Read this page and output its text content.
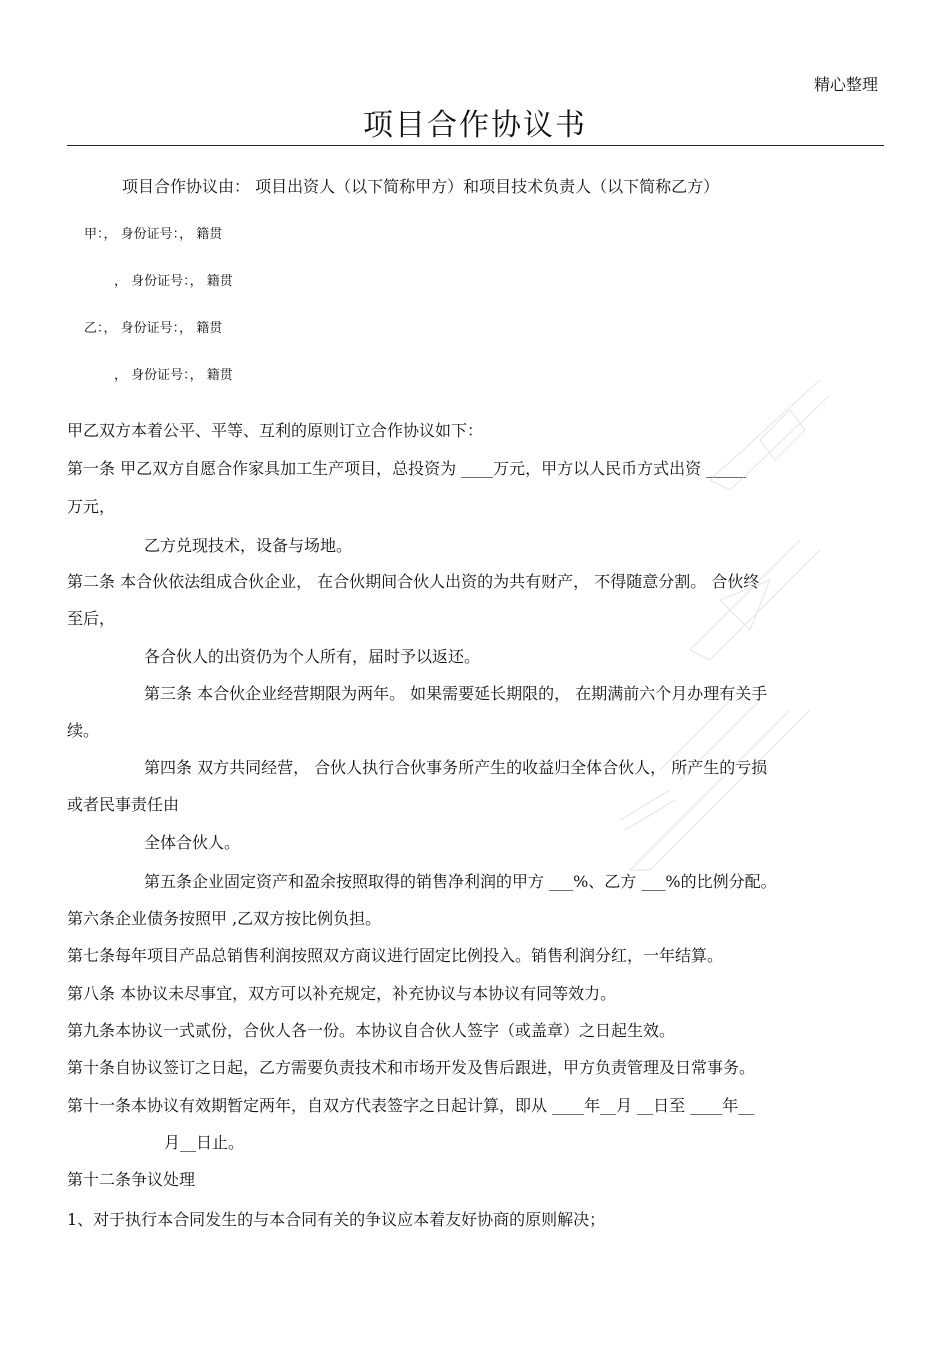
精心整理
项目合作协议书
项目合作协议由： 项目出资人（以下简称甲方）和项目技术负责人（以下简称乙方）
甲：， 身份证号：， 籍贯
， 身份证号：， 籍贯
乙：， 身份证号：， 籍贯
， 身份证号：， 籍贯
甲乙双方本着公平、平等、互利的原则订立合作协议如下：
第一条 甲乙双方自愿合作家具加工生产项目，总投资为 ____万元，甲方以人民币方式出资 _____
万元，
乙方兑现技术，设备与场地。
第二条 本合伙依法组成合伙企业， 在合伙期间合伙人出资的为共有财产， 不得随意分割。 合伙终
至后，
各合伙人的出资仍为个人所有，届时予以返还。
第三条 本合伙企业经营期限为两年。 如果需要延长期限的， 在期满前六个月办理有关手
续。
第四条 双方共同经营， 合伙人执行合伙事务所产生的收益归全体合伙人， 所产生的亏损
或者民事责任由
全体合伙人。
第五条企业固定资产和盈余按照取得的销售净利润的甲方 ___%、乙方 ___%的比例分配。
第六条企业债务按照甲 ,乙双方按比例负担。
第七条每年项目产品总销售利润按照双方商议进行固定比例投入。销售利润分红，一年结算。
第八条 本协议未尽事宜，双方可以补充规定，补充协议与本协议有同等效力。
第九条本协议一式贰份，合伙人各一份。本协议自合伙人签字（或盖章）之日起生效。
第十条自协议签订之日起，乙方需要负责技术和市场开发及售后跟进，甲方负责管理及日常事务。
第十一条本协议有效期暂定两年，自双方代表签字之日起计算，即从 ____年__月 __日至 ____年__
月__日止。
第十二条争议处理
1、对于执行本合同发生的与本合同有关的争议应本着友好协商的原则解决；
